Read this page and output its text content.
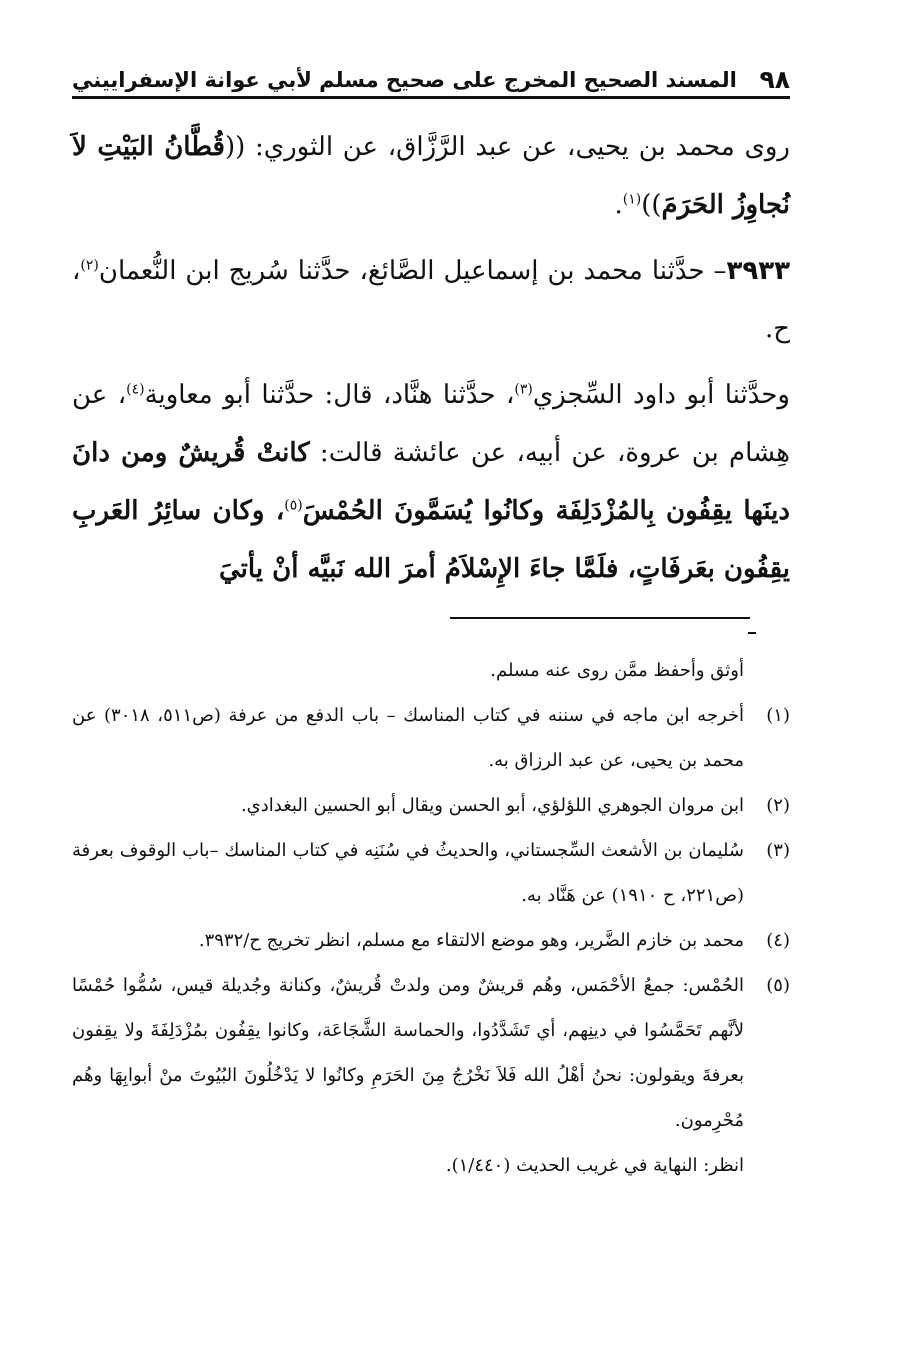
٩٨
المسند الصحيح المخرج على صحيح مسلم لأبي عوانة الإسفراييني

روى محمد بن يحيى، عن عبد الرَّزَّاق، عن الثوري: ((قُطَّانُ البَيْتِ لاَ نُجاوِزُ الحَرَمَ))$^{(١)}$.

٣٩٣٣– حدَّثنا محمد بن إسماعيل الصَّائغ، حدَّثنا سُريج ابن النُّعمان$^{(٢)}$، ح.

وحدَّثنا أبو داود السِّجزي$^{(٣)}$، حدَّثنا هنَّاد، قال: حدَّثنا أبو معاوية$^{(٤)}$، عن هِشام بن عروة، عن أبيه، عن عائشة قالت: كانتْ قُريشٌ ومن دانَ دينَها يقِفُون بِالمُزْدَلِفَة وكانُوا يُسَمَّونَ الحُمْسَ$^{(٥)}$، وكان سائِرُ العَربِ يقِفُون بعَرفَاتٍ، فلَمَّا جاءَ الإِسْلاَمُ أمرَ الله نَبيَّه أنْ يأتيَ

أوثق وأحفظ ممَّن روى عنه مسلم.
(١)
أخرجه ابن ماجه في سننه في كتاب المناسك – باب الدفع من عرفة (ص٥١١، ٣٠١٨) عن محمد بن يحيى، عن عبد الرزاق به.
(٢)
ابن مروان الجوهري اللؤلؤي، أبو الحسن ويقال أبو الحسين البغدادي.
(٣)
سُليمان بن الأشعث السِّجستاني، والحديثُ في سُنَنِه في كتاب المناسك –باب الوقوف بعرفة (ص٢٢١، ح ١٩١٠) عن هَنَّاد به.
(٤)
محمد بن خازم الضَّرير، وهو موضع الالتقاء مع مسلم، انظر تخريج ح/٣٩٣٢.
(٥)
الحُمْس: جمعُ الأحْمَس، وهُم قريشٌ ومن ولدتْ قُريشٌ، وكنانة وجُديلة قيس، سُمُّوا حُمْسًا لأنَّهم تَحَمَّسُوا في دينِهم، أي تَشَدَّدُوا، والحماسة الشَّجَاعَة، وكانوا يقِفُون بمُزْدَلِفَةَ ولا يقِفون بعرفةَ ويقولون: نحنُ أهْلُ الله فَلاَ نَخْرُجُ مِنَ الحَرَمِ وكانُوا لا يَدْخُلُونَ البُيُوتَ منْ أبوابِهَا وهُم مُحْرِمون.
انظر: النهاية في غريب الحديث (١/٤٤٠).
